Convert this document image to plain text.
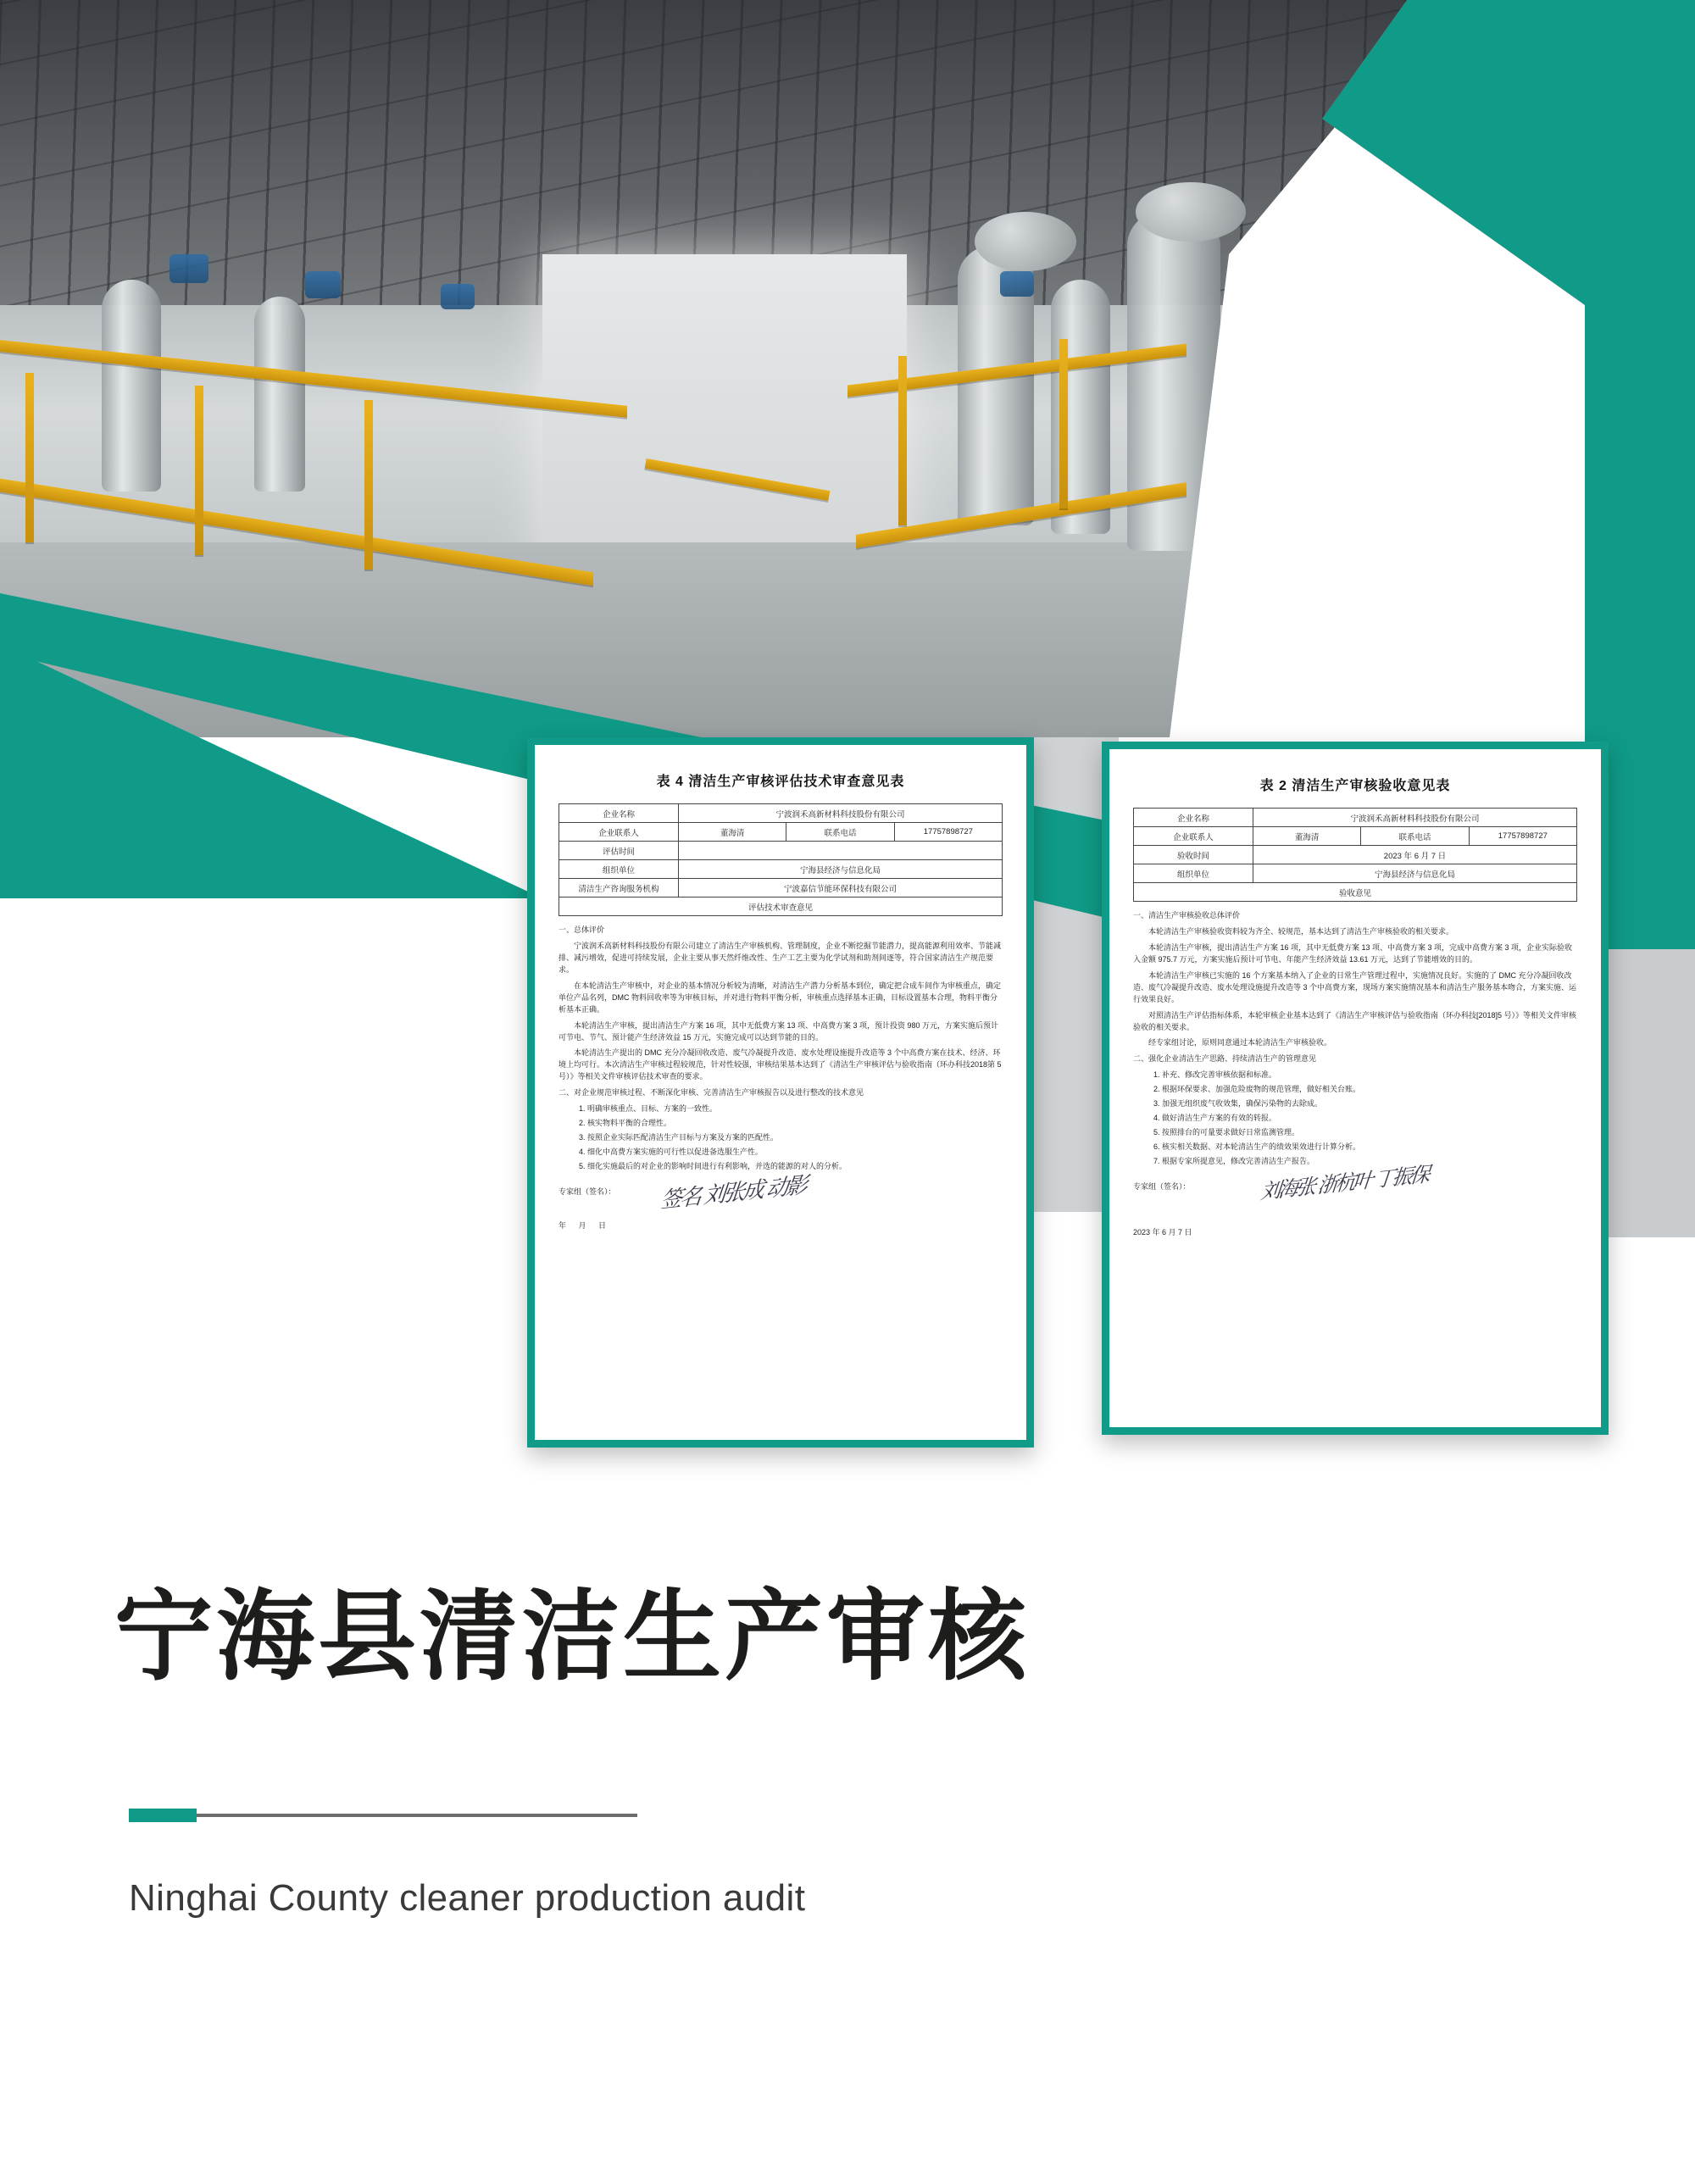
表 4 清洁生产审核评估技术审查意见表
企业名称	宁波润禾高新材料科技股份有限公司		
企业联系人	董海清	联系电话	17757898727
评估时间			
组织单位	宁海县经济与信息化局		
清洁生产咨询服务机构	宁波嘉信节能环保科技有限公司		
评估技术审查意见			

一、总体评价

宁波润禾高新材料科技股份有限公司建立了清洁生产审核机构、管理制度，企业不断挖掘节能潜力，提高能源利用效率、节能减排、减污增效，促进可持续发展，企业主要从事天然纤维改性、生产工艺主要为化学试剂和助剂间逐等，符合国家清洁生产规范要求。

在本轮清洁生产审核中，对企业的基本情况分析较为清晰，对清洁生产潜力分析基本到位，确定把合成车间作为审核重点，确定单位产品名列，DMC 物料回收率等为审核目标，并对进行物料平衡分析，审核重点选择基本正确，目标设置基本合理，物料平衡分析基本正确。

本轮清洁生产审核，提出清洁生产方案 16 项，其中无低费方案 13 项、中高费方案 3 项，预计投资 980 万元，方案实施后预计可节电、节气、预计能产生经济效益 15 万元，实施完成可以达到节能的目的。

本轮清洁生产提出的 DMC 充分冷凝回收改造、废气冷凝提升改造、废水处理设施提升改造等 3 个中高费方案在技术、经济、环境上均可行。本次清洁生产审核过程较规范，针对性较强，审核结果基本达到了《清洁生产审核评估与验收指南（环办科技2018第 5 号）》等相关文件审核评估技术审查的要求。

二、对企业规范审核过程、不断深化审核、完善清洁生产审核报告以及进行整改的技术意见

1. 明确审核重点、目标、方案的一致性。
2. 核实物料平衡的合理性。
3. 按照企业实际匹配清洁生产目标与方案及方案的匹配性。
4. 细化中高费方案实施的可行性以促进备选服生产性。
5. 细化实施最后的对企业的影响时间进行有利影响，并选的能源的对人的分析。
专家组（签名）： 签名 刘张成 动影
年 月 日
表 2 清洁生产审核验收意见表
企业名称	宁波润禾高新材料科技股份有限公司		
企业联系人	董海清	联系电话	17757898727
验收时间	2023 年 6 月 7 日		
组织单位	宁海县经济与信息化局		
验收意见			

一、清洁生产审核验收总体评价

本轮清洁生产审核验收资料较为齐全、较规范，基本达到了清洁生产审核验收的相关要求。

本轮清洁生产审核，提出清洁生产方案 16 项，其中无低费方案 13 项、中高费方案 3 项，完成中高费方案 3 项，企业实际验收入金额 975.7 万元，方案实施后预计可节电、年能产生经济效益 13.61 万元，达到了节能增效的目的。

本轮清洁生产审核已实施的 16 个方案基本纳入了企业的日常生产管理过程中，实施情况良好。实施的了 DMC 充分冷凝回收改造、废气冷凝提升改造、废水处理设施提升改造等 3 个中高费方案，现场方案实施情况基本和清洁生产服务基本吻合，方案实施、运行效果良好。

对照清洁生产评估指标体系，本轮审核企业基本达到了《清洁生产审核评估与验收指南（环办科技[2018]5 号）》等相关文件审核验收的相关要求。

经专家组讨论，原则同意通过本轮清洁生产审核验收。

二、强化企业清洁生产思路、持续清洁生产的管理意见

1. 补充、修改完善审核依据和标准。
2. 根据环保要求、加强危险废物的规范管理，做好相关台账。
3. 加强无组织废气收效集，确保污染物的去除成。
4. 做好清洁生产方案的有效的转报。
5. 按照排台的可量要求做好日常监测管理。
6. 核实相关数据、对本轮清洁生产的绩效果效进行计算分析。
7. 根据专家所提意见，修改完善清洁生产报告。
专家组（签名）：	刘海张 浙杭叶 丁振保
2023 年 6 月 7 日
宁海县清洁生产审核
Ninghai County cleaner production audit
